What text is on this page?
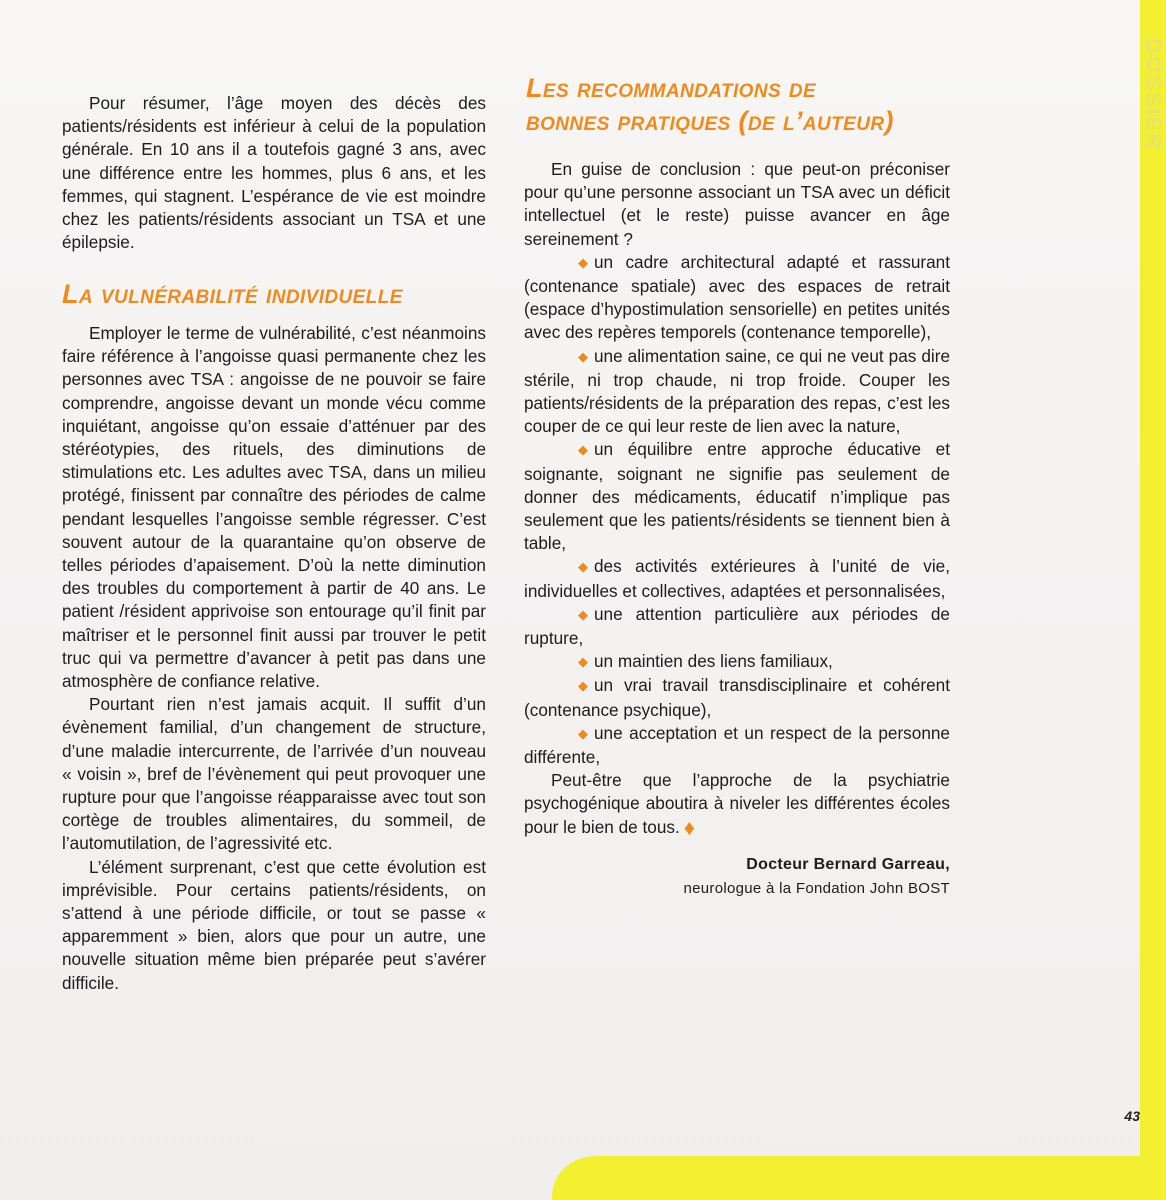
DOSSIER
43

Pour résumer, l’âge moyen des décès des patients/résidents est inférieur à celui de la population générale. En 10 ans il a toutefois gagné 3 ans, avec une différence entre les hommes, plus 6 ans, et les femmes, qui stagnent. L’espérance de vie est moindre chez les patients/résidents associant un TSA et une épilepsie.

La vulnérabilité individuelle

Employer le terme de vulnérabilité, c’est néanmoins faire référence à l’angoisse quasi permanente chez les personnes avec TSA : angoisse de ne pouvoir se faire comprendre, angoisse devant un monde vécu comme inquiétant, angoisse qu’on essaie d’atténuer par des stéréotypies, des rituels, des diminutions de stimulations etc. Les adultes avec TSA, dans un milieu protégé, finissent par connaître des périodes de calme pendant lesquelles l’angoisse semble régresser. C’est souvent autour de la quarantaine qu’on observe de telles périodes d’apaisement. D’où la nette diminution des troubles du comportement à partir de 40 ans. Le patient /résident apprivoise son entourage qu’il finit par maîtriser et le personnel finit aussi par trouver le petit truc qui va permettre d’avancer à petit pas dans une atmosphère de confiance relative.

Pourtant rien n’est jamais acquit. Il suffit d’un évènement familial, d’un changement de structure, d’une maladie intercurrente, de l’arrivée d’un nouveau « voisin », bref de l’évènement qui peut provoquer une rupture pour que l’angoisse réapparaisse avec tout son cortège de troubles alimentaires, du sommeil, de l’automutilation, de l’agressivité etc.

L’élément surprenant, c’est que cette évolution est imprévisible. Pour certains patients/résidents, on s’attend à une période difficile, or tout se passe « apparemment » bien, alors que pour un autre, une nouvelle situation même bien préparée peut s’avérer difficile.

Les recommandations de
bonnes pratiques (de l’auteur)

En guise de conclusion : que peut-on préconiser pour qu’une personne associant un TSA avec un déficit intellectuel (et le reste) puisse avancer en âge sereinement ?

◆ un cadre architectural adapté et rassurant (contenance spatiale) avec des espaces de retrait (espace d’hypostimulation sensorielle) en petites unités avec des repères temporels (contenance temporelle),

◆ une alimentation saine, ce qui ne veut pas dire stérile, ni trop chaude, ni trop froide. Couper les patients/résidents de la préparation des repas, c’est les couper de ce qui leur reste de lien avec la nature,

◆ un équilibre entre approche éducative et soignante, soignant ne signifie pas seulement de donner des médicaments, éducatif n’implique pas seulement que les patients/résidents se tiennent bien à table,

◆ des activités extérieures à l’unité de vie, individuelles et collectives, adaptées et personnalisées,

◆ une attention particulière aux périodes de rupture,

◆ un maintien des liens familiaux,

◆ un vrai travail transdisciplinaire et cohérent (contenance psychique),

◆ une acceptation et un respect de la personne différente,

Peut-être que l’approche de la psychiatrie psychogénique aboutira à niveler les différentes écoles pour le bien de tous. ♦

Docteur Bernard Garreau,
neurologue à la Fondation John BOST
